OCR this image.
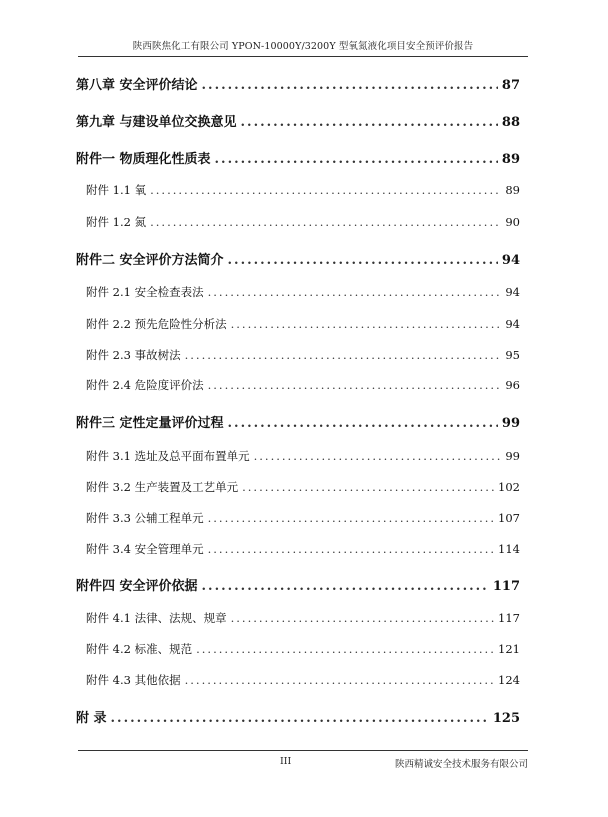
陕西陕焦化工有限公司 YPON-10000Y/3200Y 型氧氮液化项目安全预评价报告
第八章 安全评价结论 .....	87
第九章 与建设单位交换意见 .....	88
附件一 物质理化性质表 .....	89
附件 1.1 氧 .....	89
附件 1.2 氮 .....	90
附件二 安全评价方法简介 .....	94
附件 2.1 安全检查表法 .....	94
附件 2.2 预先危险性分析法 .....	94
附件 2.3 事故树法 .....	95
附件 2.4 危险度评价法 .....	96
附件三 定性定量评价过程 .....	99
附件 3.1 选址及总平面布置单元 .....	99
附件 3.2 生产装置及工艺单元 .....	102
附件 3.3 公辅工程单元 .....	107
附件 3.4 安全管理单元 .....	114
附件四 安全评价依据 .....	117
附件 4.1 法律、法规、规章 .....	117
附件 4.2 标准、规范 .....	121
附件 4.3 其他依据 .....	124
附 录 .....	125
III	陕西精诚安全技术服务有限公司
